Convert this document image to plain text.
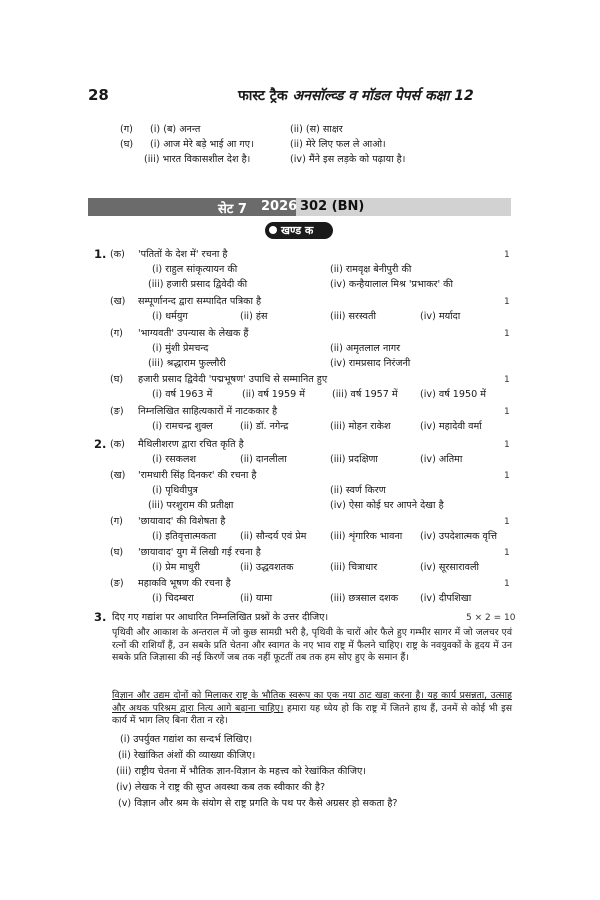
28	फास्ट ट्रैक अनसॉल्व्ड व मॉडल पेपर्स कक्षा 12
(ग) (i) (ब) अनन्त	(ii) (स) साक्षर
(घ) (i) आज मेरे बड़े भाई आ गए।	(ii) मेरे लिए फल ले आओ।
(iii) भारत विकासशील देश है।	(iv) मैंने इस लड़के को पढ़ाया है।
सेट 7 2026 302 (BN)
खण्ड क
1. (क) 'पतितों के देश में' रचना है	1
(i) राहुल सांकृत्यायन की	(ii) रामवृक्ष बेनीपुरी की
(iii) हजारी प्रसाद द्विवेदी की	(iv) कन्हैयालाल मिश्र 'प्रभाकर' की
(ख) सम्पूर्णानन्द द्वारा सम्पादित पत्रिका है	1
(i) धर्मयुग	(ii) हंस	(iii) सरस्वती	(iv) मर्यादा
(ग) 'भाग्यवती' उपन्यास के लेखक हैं	1
(i) मुंशी प्रेमचन्द	(ii) अमृतलाल नागर
(iii) श्रद्धाराम फुल्लौरी	(iv) रामप्रसाद निरंजनी
(घ) हजारी प्रसाद द्विवेदी 'पद्मभूषण' उपाधि से सम्मानित हुए	1
(i) वर्ष 1963 में	(ii) वर्ष 1959 में	(iii) वर्ष 1957 में (iv) वर्ष 1950 में
(ङ) निम्नलिखित साहित्यकारों में नाटककार है	1
(i) रामचन्द्र शुक्ल	(ii) डॉ. नगेन्द्र	(iii) मोहन राकेश	(iv) महादेवी वर्मा
2. (क) मैथिलीशरण द्वारा रचित कृति है	1
(i) रसकलश	(ii) दानलीला	(iii) प्रदक्षिणा	(iv) अतिमा
(ख) 'रामधारी सिंह दिनकर' की रचना है	1
(i) पृथिवीपुत्र	(ii) स्वर्ण किरण
(iii) परशुराम की प्रतीक्षा	(iv) ऐसा कोई घर आपने देखा है
(ग) 'छायावाद' की विशेषता है	1
(i) इतिवृत्तात्मकता (ii) सौन्दर्य एवं प्रेम (iii) शृंगारिक भावना (iv) उपदेशात्मक वृत्ति
(घ) 'छायावाद' युग में लिखी गई रचना है	1
(i) प्रेम माधुरी	(ii) उद्धवशतक	(iii) चित्राधार	(iv) सूरसारावली
(ङ) महाकवि भूषण की रचना है	1
(i) चिदम्बरा	(ii) यामा	(iii) छत्रसाल दशक (iv) दीपशिखा
3. दिए गए गद्यांश पर आधारित निम्नलिखित प्रश्नों के उत्तर दीजिए।	5 × 2 = 10
पृथिवी और आकाश के अन्तराल में जो कुछ सामग्री भरी है, पृथिवी के चारों ओर फैले हुए गम्भीर सागर में जो जलचर एवं रत्नों की राशियाँ हैं, उन सबके प्रति चेतना और स्वागत के नए भाव राष्ट्र में फैलने चाहिए। राष्ट्र के नवयुवकों के हृदय में उन सबके प्रति जिज्ञासा की नई किरणें जब तक नहीं फूटतीं तब तक हम सोए हुए के समान हैं।
विज्ञान और उद्यम दोनों को मिलाकर राष्ट्र के भौतिक स्वरूप का एक नया ठाट खड़ा करना है। यह कार्य प्रसन्नता, उत्साह और अथक परिश्रम द्वारा नित्य आगे बढ़ाना चाहिए। हमारा यह ध्येय हो कि राष्ट्र में जितने हाथ हैं, उनमें से कोई भी इस कार्य में भाग लिए बिना रीता न रहे।
(i) उपर्युक्त गद्यांश का सन्दर्भ लिखिए।
(ii) रेखांकित अंशों की व्याख्या कीजिए।
(iii) राष्ट्रीय चेतना में भौतिक ज्ञान-विज्ञान के महत्त्व को रेखांकित कीजिए।
(iv) लेखक ने राष्ट्र की सुप्त अवस्था कब तक स्वीकार की है?
(v) विज्ञान और श्रम के संयोग से राष्ट्र प्रगति के पथ पर कैसे अग्रसर हो सकता है?
